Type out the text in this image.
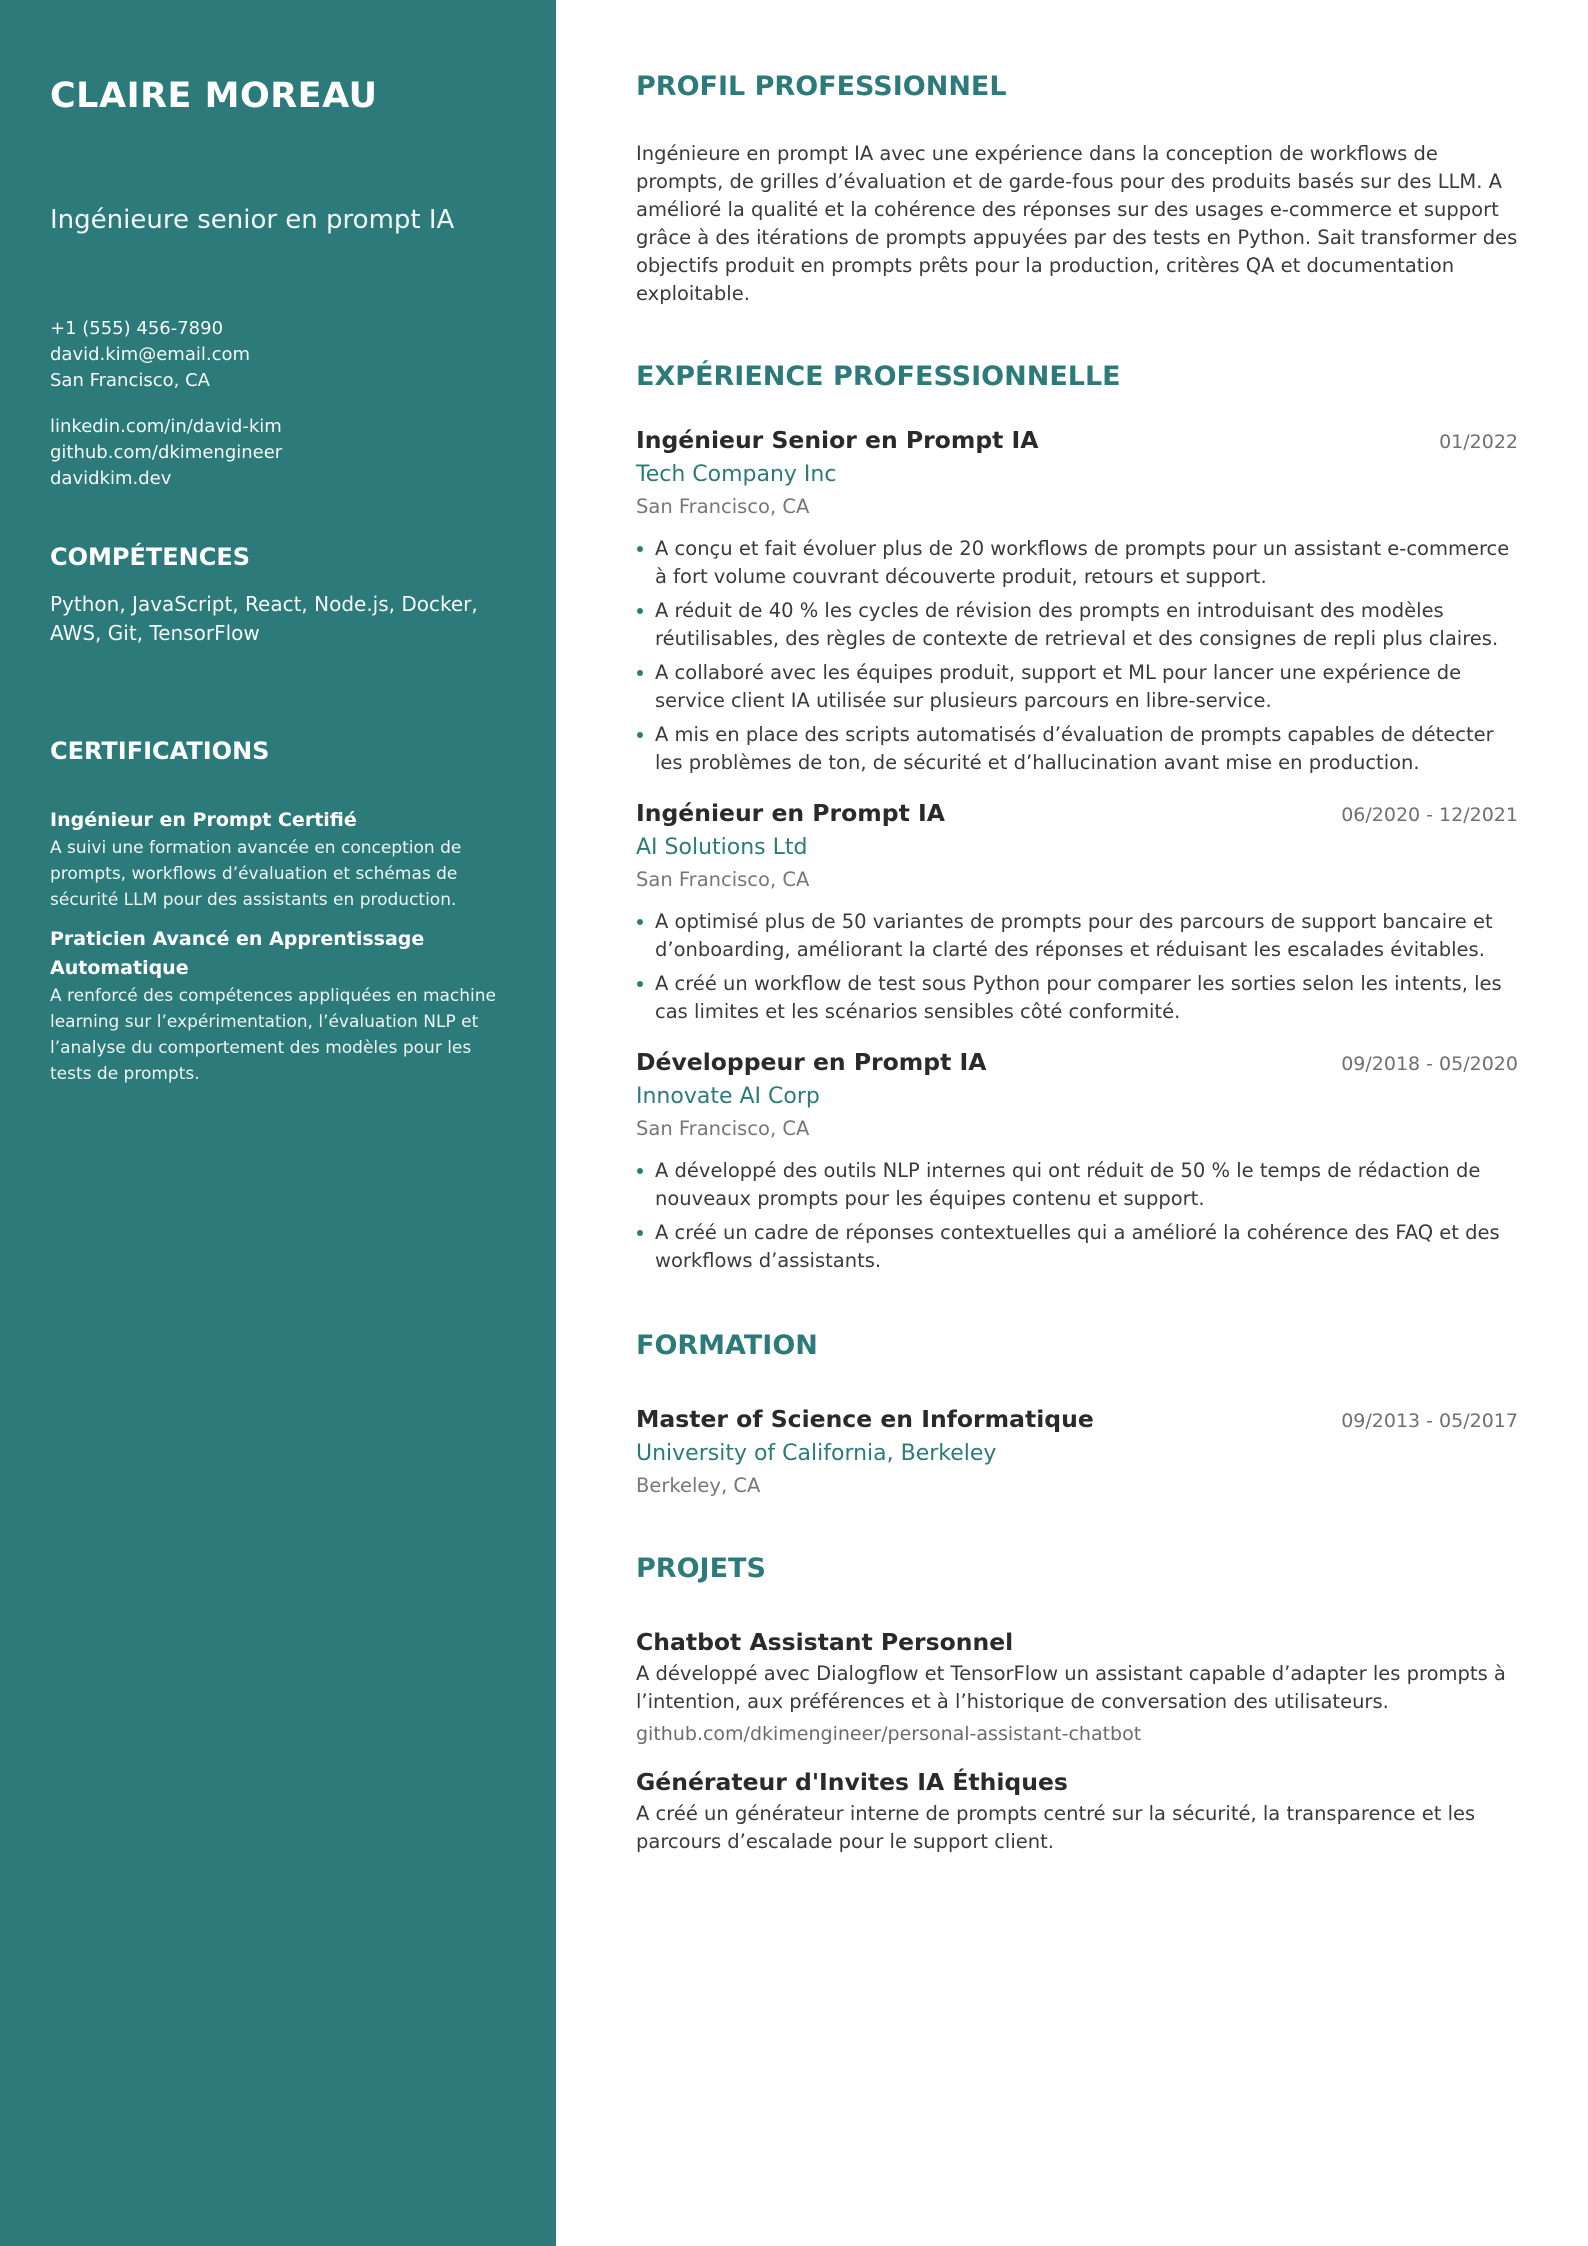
CLAIRE MOREAU
Ingénieure senior en prompt IA
+1 (555) 456-7890
david.kim@email.com
San Francisco, CA
linkedin.com/in/david-kim
github.com/dkimengineer
davidkim.dev
COMPÉTENCES
Python, JavaScript, React, Node.js, Docker, AWS, Git, TensorFlow
CERTIFICATIONS
Ingénieur en Prompt Certifié
A suivi une formation avancée en conception de prompts, workflows d’évaluation et schémas de sécurité LLM pour des assistants en production.
Praticien Avancé en Apprentissage Automatique
A renforcé des compétences appliquées en machine learning sur l’expérimentation, l’évaluation NLP et l’analyse du comportement des modèles pour les tests de prompts.
PROFIL PROFESSIONNEL
Ingénieure en prompt IA avec une expérience dans la conception de workflows de prompts, de grilles d’évaluation et de garde-fous pour des produits basés sur des LLM. A amélioré la qualité et la cohérence des réponses sur des usages e-commerce et support grâce à des itérations de prompts appuyées par des tests en Python. Sait transformer des objectifs produit en prompts prêts pour la production, critères QA et documentation exploitable.
EXPÉRIENCE PROFESSIONNELLE
Ingénieur Senior en Prompt IA	01/2022
Tech Company Inc
San Francisco, CA
A conçu et fait évoluer plus de 20 workflows de prompts pour un assistant e-commerce à fort volume couvrant découverte produit, retours et support.
A réduit de 40 % les cycles de révision des prompts en introduisant des modèles réutilisables, des règles de contexte de retrieval et des consignes de repli plus claires.
A collaboré avec les équipes produit, support et ML pour lancer une expérience de service client IA utilisée sur plusieurs parcours en libre-service.
A mis en place des scripts automatisés d’évaluation de prompts capables de détecter les problèmes de ton, de sécurité et d’hallucination avant mise en production.
Ingénieur en Prompt IA	06/2020 - 12/2021
AI Solutions Ltd
San Francisco, CA
A optimisé plus de 50 variantes de prompts pour des parcours de support bancaire et d’onboarding, améliorant la clarté des réponses et réduisant les escalades évitables.
A créé un workflow de test sous Python pour comparer les sorties selon les intents, les cas limites et les scénarios sensibles côté conformité.
Développeur en Prompt IA	09/2018 - 05/2020
Innovate AI Corp
San Francisco, CA
A développé des outils NLP internes qui ont réduit de 50 % le temps de rédaction de nouveaux prompts pour les équipes contenu et support.
A créé un cadre de réponses contextuelles qui a amélioré la cohérence des FAQ et des workflows d’assistants.
FORMATION
Master of Science en Informatique	09/2013 - 05/2017
University of California, Berkeley
Berkeley, CA
PROJETS
Chatbot Assistant Personnel
A développé avec Dialogflow et TensorFlow un assistant capable d’adapter les prompts à l’intention, aux préférences et à l’historique de conversation des utilisateurs.
github.com/dkimengineer/personal-assistant-chatbot
Générateur d'Invites IA Éthiques
A créé un générateur interne de prompts centré sur la sécurité, la transparence et les parcours d’escalade pour le support client.
